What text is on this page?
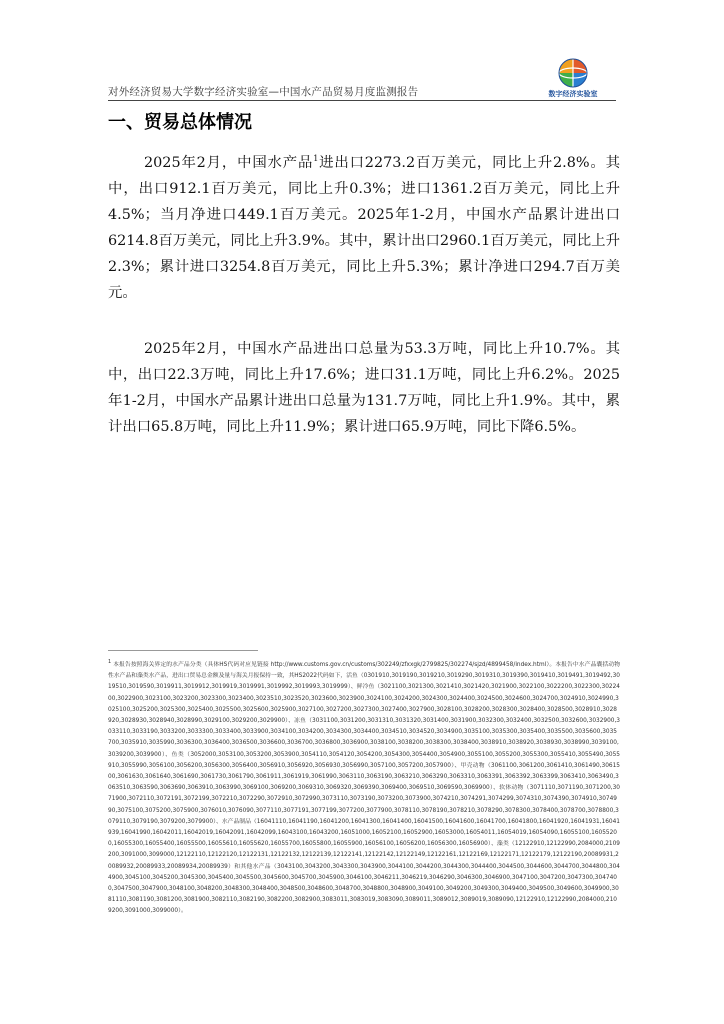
对外经济贸易大学数字经济实验室—中国水产品贸易月度监测报告	数字经济实验室
一、贸易总体情况

2025年2月，中国水产品$^1$进出口2273.2百万美元，同比上升2.8%。其中，出口912.1百万美元，同比上升0.3%；进口1361.2百万美元，同比上升4.5%；当月净进口449.1百万美元。2025年1-2月，中国水产品累计进出口6214.8百万美元，同比上升3.9%。其中，累计出口2960.1百万美元，同比上升2.3%；累计进口3254.8百万美元，同比上升5.3%；累计净进口294.7百万美元。

2025年2月，中国水产品进出口总量为53.3万吨，同比上升10.7%。其中，出口22.3万吨，同比上升17.6%；进口31.1万吨，同比上升6.2%。2025年1-2月，中国水产品累计进出口总量为131.7万吨，同比上升1.9%。其中，累计出口65.8万吨，同比上升11.9%；累计进口65.9万吨，同比下降6.5%。

$^1$ 本报告按照海关界定的水产品分类（具体HS代码对应见链接 http://www.customs.gov.cn/customs/302249/zfxxgk/2799825/302274/sjzd/4899458/index.html）。本报告中水产品囊括动物性水产品和藻类水产品，进出口贸易总金额及量与海关月报保持一致，其HS2022代码如下，活鱼（0301910,3019190,3019210,3019290,3019310,3019390,3019410,3019491,3019492,3019510,3019590,3019911,3019912,3019919,3019991,3019992,3019993,3019999）、鲜冷鱼（3021100,3021300,3021410,3021420,3021900,3022100,3022200,3022300,3022400,3022900,3023100,3023200,3023300,3023400,3023510,3023520,3023600,3023900,3024100,3024200,3024300,3024400,3024500,3024600,3024700,3024910,3024990,3025100,3025200,3025300,3025400,3025500,3025600,3025900,3027100,3027200,3027300,3027400,3027900,3028100,3028200,3028300,3028400,3028500,3028910,3028920,3028930,3028940,3028990,3029100,3029200,3029900）、冻鱼（3031100,3031200,3031310,3031320,3031400,3031900,3032300,3032400,3032500,3032600,3032900,3033110,3033190,3033200,3033300,3033400,3033900,3034100,3034200,3034300,3034400,3034510,3034520,3034900,3035100,3035300,3035400,3035500,3035600,3035700,3035910,3035990,3036300,3036400,3036500,3036600,3036700,3036800,3036900,3038100,3038200,3038300,3038400,3038910,3038920,3038930,3038990,3039100,3039200,3039900）、鱼类（3052000,3053100,3053200,3053900,3054110,3054120,3054200,3054300,3054400,3054900,3055100,3055200,3055300,3055410,3055490,3055910,3055990,3056100,3056200,3056300,3056400,3056910,3056920,3056930,3056990,3057100,3057200,3057900）、甲壳动物（3061100,3061200,3061410,3061490,3061500,3061630,3061640,3061690,3061730,3061790,3061911,3061919,3061990,3063110,3063190,3063210,3063290,3063310,3063391,3063392,3063399,3063410,3063490,3063510,3063590,3063690,3063910,3063990,3069100,3069200,3069310,3069320,3069390,3069400,3069510,3069590,3069900）、软体动物（3071110,3071190,3071200,3071900,3072110,3072191,3072199,3072210,3072290,3072910,3072990,3073110,3073190,3073200,3073900,3074210,3074291,3074299,3074310,3074390,3074910,3074990,3075100,3075200,3075900,3076010,3076090,3077110,3077191,3077199,3077200,3077900,3078110,3078190,3078210,3078290,3078300,3078400,3078700,3078800,3079110,3079190,3079200,3079900）、水产品制品（16041110,16041190,16041200,16041300,16041400,16041500,16041600,16041700,16041800,16041920,16041931,16041939,16041990,16042011,16042019,16042091,16042099,16043100,16043200,16051000,16052100,16052900,16053000,16054011,16054019,16054090,16055100,16055200,16055300,16055400,16055500,16055610,16055620,16055700,16055800,16055900,16056100,16056200,16056300,16056900）、藻类（12122910,12122990,2084000,2109200,3091000,3099000,12122110,12122120,12122131,12122132,12122139,12122141,12122142,12122149,12122161,12122169,12122171,12122179,12122190,20089931,20089932,20089933,20089934,20089939）和其他水产品（3043100,3043200,3043300,3043900,3044100,3044200,3044300,3044400,3044500,3044600,3044700,3044800,3044900,3045100,3045200,3045300,3045400,3045500,3045600,3045700,3045900,3046100,3046211,3046219,3046290,3046300,3046900,3047100,3047200,3047300,3047400,3047500,3047900,3048100,3048200,3048300,3048400,3048500,3048600,3048700,3048800,3048900,3049100,3049200,3049300,3049400,3049500,3049600,3049900,3081110,3081190,3081200,3081900,3082110,3082190,3082200,3082900,3083011,3083019,3083090,3089011,3089012,3089019,3089090,12122910,12122990,2084000,2109200,3091000,3099000）。
